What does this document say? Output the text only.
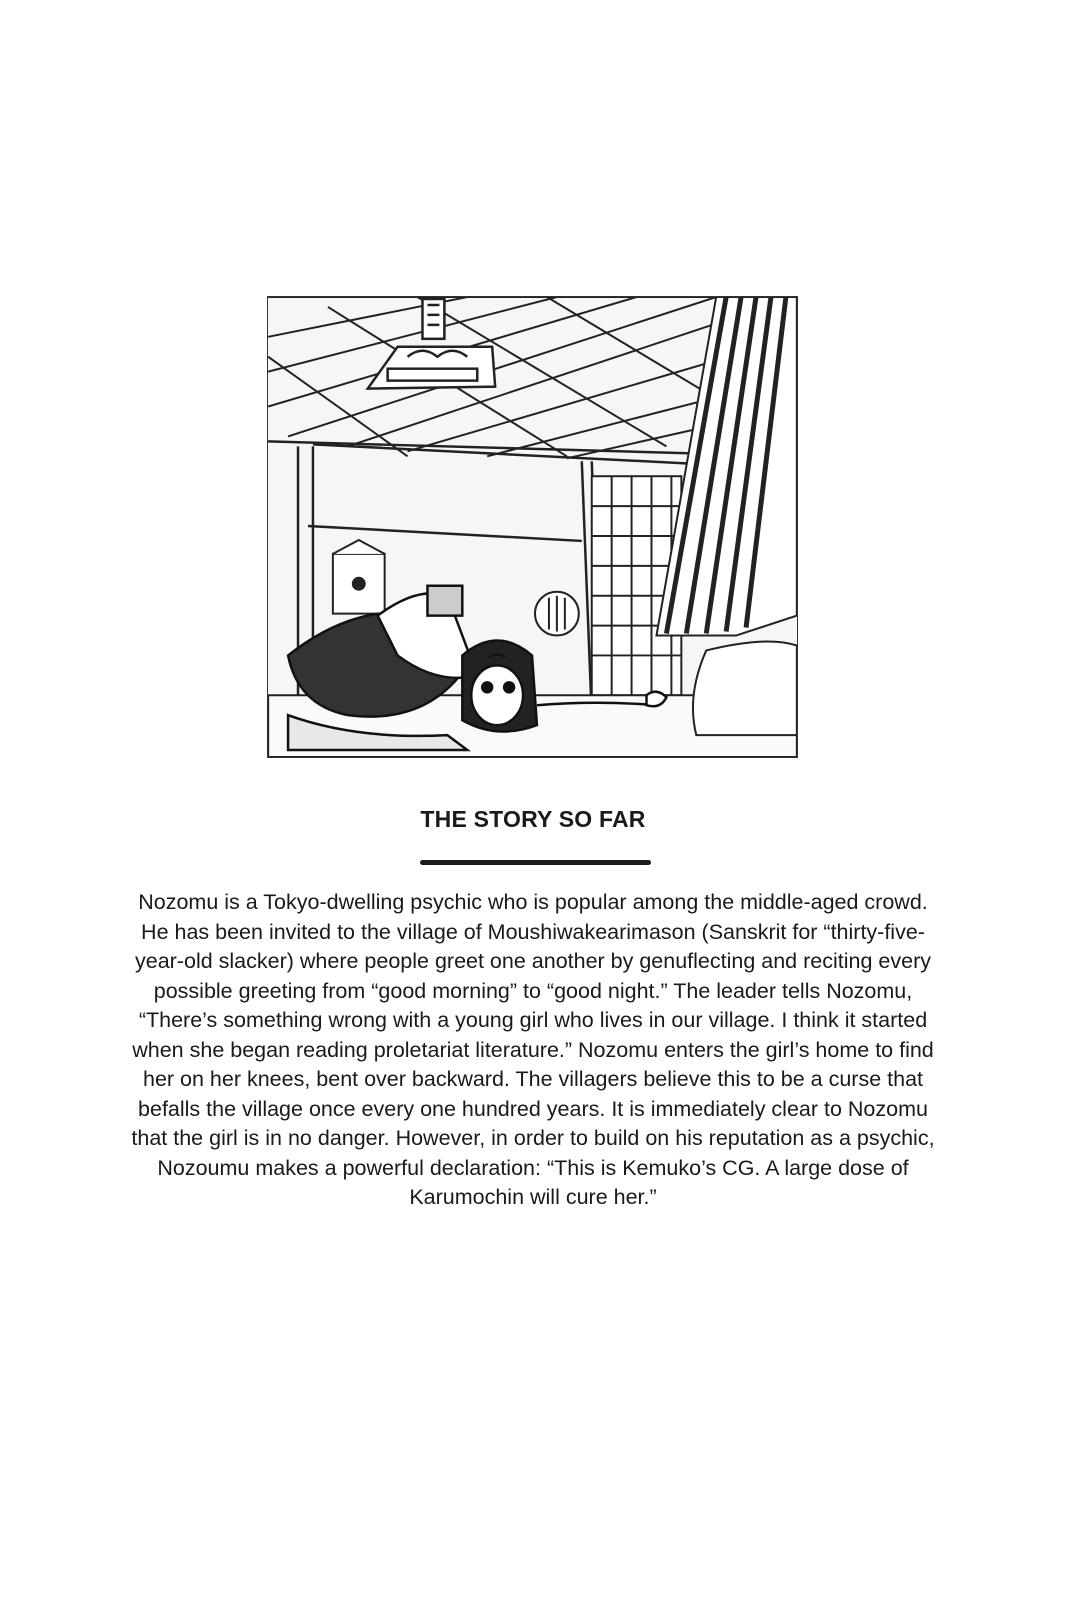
THE STORY SO FAR
Nozomu is a Tokyo-dwelling psychic who is popular among the middle-aged crowd.
He has been invited to the village of Moushiwakearimason (Sanskrit for “thirty-five-
year-old slacker) where people greet one another by genuflecting and reciting every
possible greeting from “good morning” to “good night.” The leader tells Nozomu,
“There’s something wrong with a young girl who lives in our village. I think it started
when she began reading proletariat literature.” Nozomu enters the girl’s home to find
her on her knees, bent over backward. The villagers believe this to be a curse that
befalls the village once every one hundred years. It is immediately clear to Nozomu
that the girl is in no danger. However, in order to build on his reputation as a psychic,
Nozoumu makes a powerful declaration: “This is Kemuko’s CG. A large dose of
Karumochin will cure her.”
